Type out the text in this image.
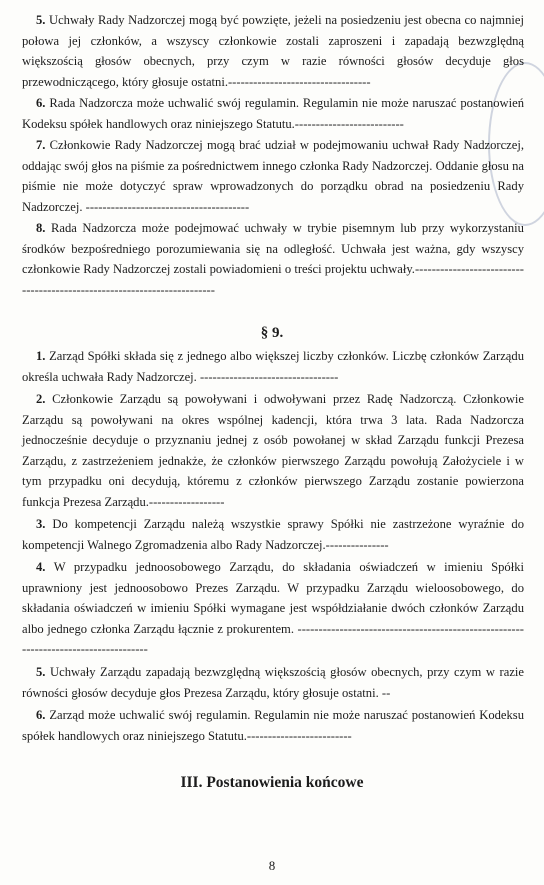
5. Uchwały Rady Nadzorczej mogą być powzięte, jeżeli na posiedzeniu jest obecna co najmniej połowa jej członków, a wszyscy członkowie zostali zaproszeni i zapadają bezwzględną większością głosów obecnych, przy czym w razie równości głosów decyduje głos przewodniczącego, który głosuje ostatni.----------------------------------

6. Rada Nadzorcza może uchwalić swój regulamin. Regulamin nie może naruszać postanowień Kodeksu spółek handlowych oraz niniejszego Statutu.--------------------------

7. Członkowie Rady Nadzorczej mogą brać udział w podejmowaniu uchwał Rady Nadzorczej, oddając swój głos na piśmie za pośrednictwem innego członka Rady Nadzorczej. Oddanie głosu na piśmie nie może dotyczyć spraw wprowadzonych do porządku obrad na posiedzeniu Rady Nadzorczej. ---------------------------------------

8. Rada Nadzorcza może podejmować uchwały w trybie pisemnym lub przy wykorzystaniu środków bezpośredniego porozumiewania się na odległość. Uchwała jest ważna, gdy wszyscy członkowie Rady Nadzorczej zostali powiadomieni o treści projektu uchwały.------------------------------------------------------------------------

§ 9.

1. Zarząd Spółki składa się z jednego albo większej liczby członków. Liczbę członków Zarządu określa uchwała Rady Nadzorczej. ---------------------------------

2. Członkowie Zarządu są powoływani i odwoływani przez Radę Nadzorczą. Członkowie Zarządu są powoływani na okres wspólnej kadencji, która trwa 3 lata. Rada Nadzorcza jednocześnie decyduje o przyznaniu jednej z osób powołanej w skład Zarządu funkcji Prezesa Zarządu, z zastrzeżeniem jednakże, że członków pierwszego Zarządu powołują Założyciele i w tym przypadku oni decydują, któremu z członków pierwszego Zarządu zostanie powierzona funkcja Prezesa Zarządu.------------------

3. Do kompetencji Zarządu należą wszystkie sprawy Spółki nie zastrzeżone wyraźnie do kompetencji Walnego Zgromadzenia albo Rady Nadzorczej.---------------

4. W przypadku jednoosobowego Zarządu, do składania oświadczeń w imieniu Spółki uprawniony jest jednoosobowo Prezes Zarządu. W przypadku Zarządu wieloosobowego, do składania oświadczeń w imieniu Spółki wymagane jest współdziałanie dwóch członków Zarządu albo jednego członka Zarządu łącznie z prokurentem. ------------------------------------------------------------------------------------

5. Uchwały Zarządu zapadają bezwzględną większością głosów obecnych, przy czym w razie równości głosów decyduje głos Prezesa Zarządu, który głosuje ostatni. --

6. Zarząd może uchwalić swój regulamin. Regulamin nie może naruszać postanowień Kodeksu spółek handlowych oraz niniejszego Statutu.-------------------------

III. Postanowienia końcowe

8
